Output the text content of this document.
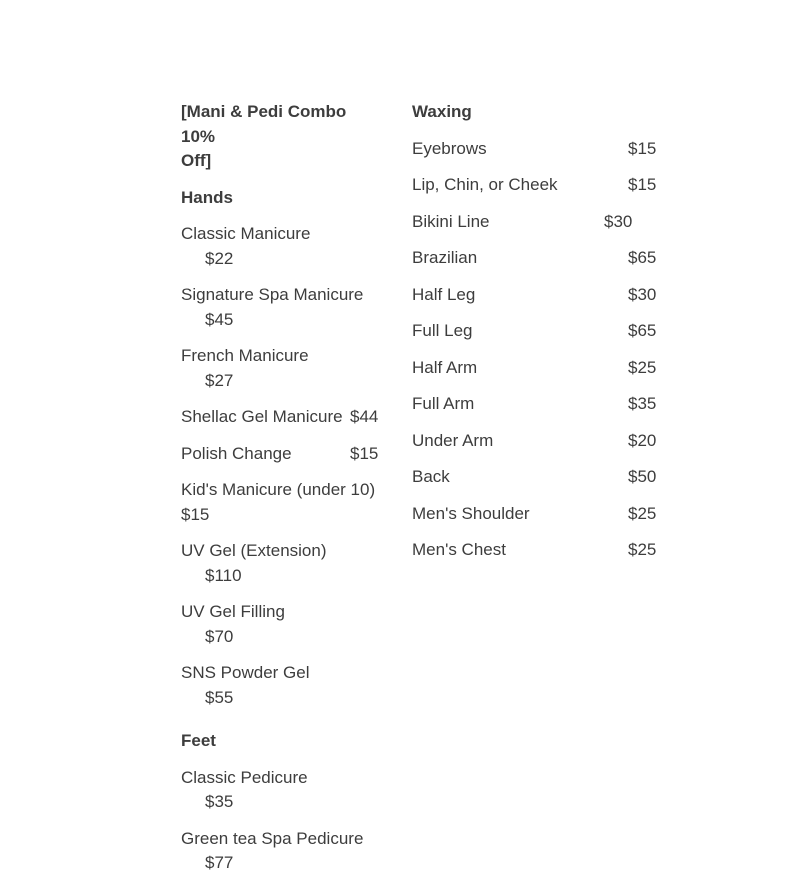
[Mani & Pedi Combo 10%
Off]
Hands
Classic Manicure
$22
Signature Spa Manicure
$45
French Manicure
$27
Shellac Gel Manicure $44
Polish Change	$15
Kid's Manicure (under 10)
$15
UV Gel (Extension)
$110
UV Gel Filling
$70
SNS Powder Gel
$55
Feet
Classic Pedicure
$35
Green tea Spa Pedicure
$77
Waxing
Eyebrows	$15
Lip, Chin, or Cheek	$15
Bikini Line	$30
Brazilian	$65
Half Leg	$30
Full Leg	$65
Half Arm	$25
Full Arm	$35
Under Arm	$20
Back	$50
Men's Shoulder	$25
Men's Chest	$25
